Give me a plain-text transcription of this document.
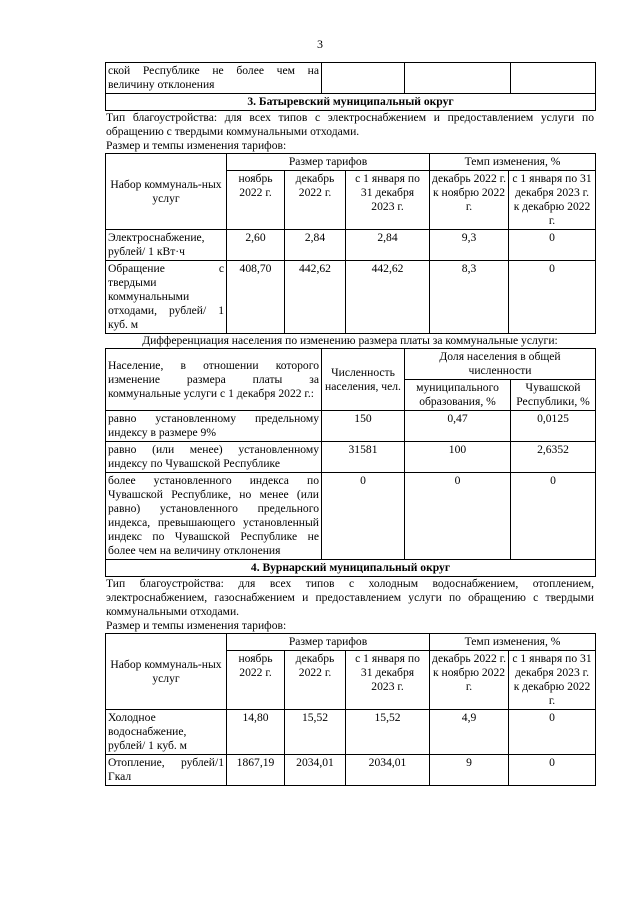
3
ской Республике не более чем на величину отклонения			
3. Батыревский муниципальный округ
Тип благоустройства: для всех типов с электроснабжением и предоставлением услуги по обращению с твердыми коммунальными отходами.
Размер и темпы изменения тарифов:
Набор коммуналь-ных услуг	Размер тарифов			Темп изменения, %	
	ноябрь 2022 г.	декабрь 2022 г.	с 1 января по 31 декабря 2023 г.	декабрь 2022 г. к ноябрю 2022 г.	с 1 января по 31 декабря 2023 г. к декабрю 2022 г.
Электроснабжение, рублей/ 1 кВт·ч	2,60	2,84	2,84	9,3	0
Обращение с твердыми коммунальными отходами, рублей/ 1 куб. м	408,70	442,62	442,62	8,3	0
Дифференциация населения по изменению размера платы за коммунальные услуги:
Население, в отношении которого изменение размера платы за коммунальные услуги с 1 декабря 2022 г.:	Численность населения, чел.	Доля населения в общей численности	
		муниципального образования, %	Чувашской Республики, %
равно установленному предельному индексу в размере 9%	150	0,47	0,0125
равно (или менее) установленному индексу по Чувашской Республике	31581	100	2,6352
более установленного индекса по Чувашской Республике, но менее (или равно) установленного предельного индекса, превышающего установленный индекс по Чувашской Республике не более чем на величину отклонения	0	0	0
4. Вурнарский муниципальный округ			
Тип благоустройства: для всех типов с холодным водоснабжением, отоплением, электроснабжением, газоснабжением и предоставлением услуги по обращению с твердыми коммунальными отходами.
Размер и темпы изменения тарифов:
Набор коммуналь-ных услуг	Размер тарифов			Темп изменения, %	
	ноябрь 2022 г.	декабрь 2022 г.	с 1 января по 31 декабря 2023 г.	декабрь 2022 г. к ноябрю 2022 г.	с 1 января по 31 декабря 2023 г. к декабрю 2022 г.
Холодное водоснабжение, рублей/ 1 куб. м	14,80	15,52	15,52	4,9	0
Отопление, рублей/1 Гкал	1867,19	2034,01	2034,01	9	0
